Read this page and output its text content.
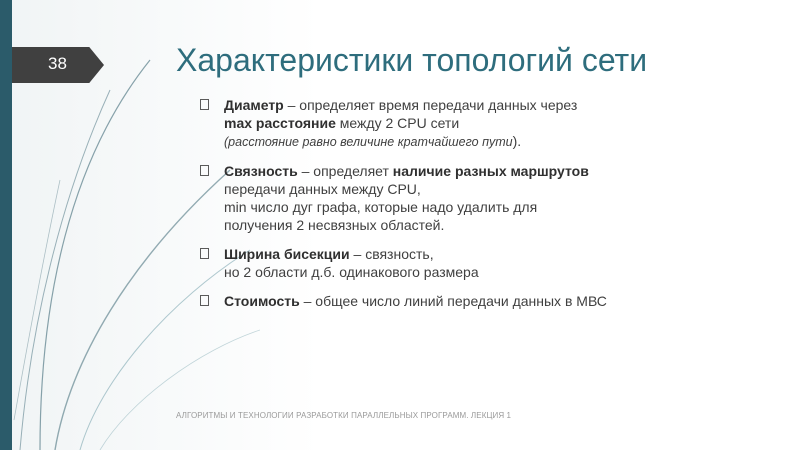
38	Характеристики топологий сети
Диаметр – определяет время передачи данных через
max расстояние между 2 CPU сети
(расстояние равно величине кратчайшего пути).
Связность – определяет наличие разных маршрутов
передачи данных между CPU,
min число дуг графа, которые надо удалить для
получения 2 несвязных областей.
Ширина бисекции – связность,
но 2 области д.б. одинакового размера
Стоимость – общее число линий передачи данных в МВС
АЛГОРИТМЫ И ТЕХНОЛОГИИ РАЗРАБОТКИ ПАРАЛЛЕЛЬНЫХ ПРОГРАММ. ЛЕКЦИЯ 1
